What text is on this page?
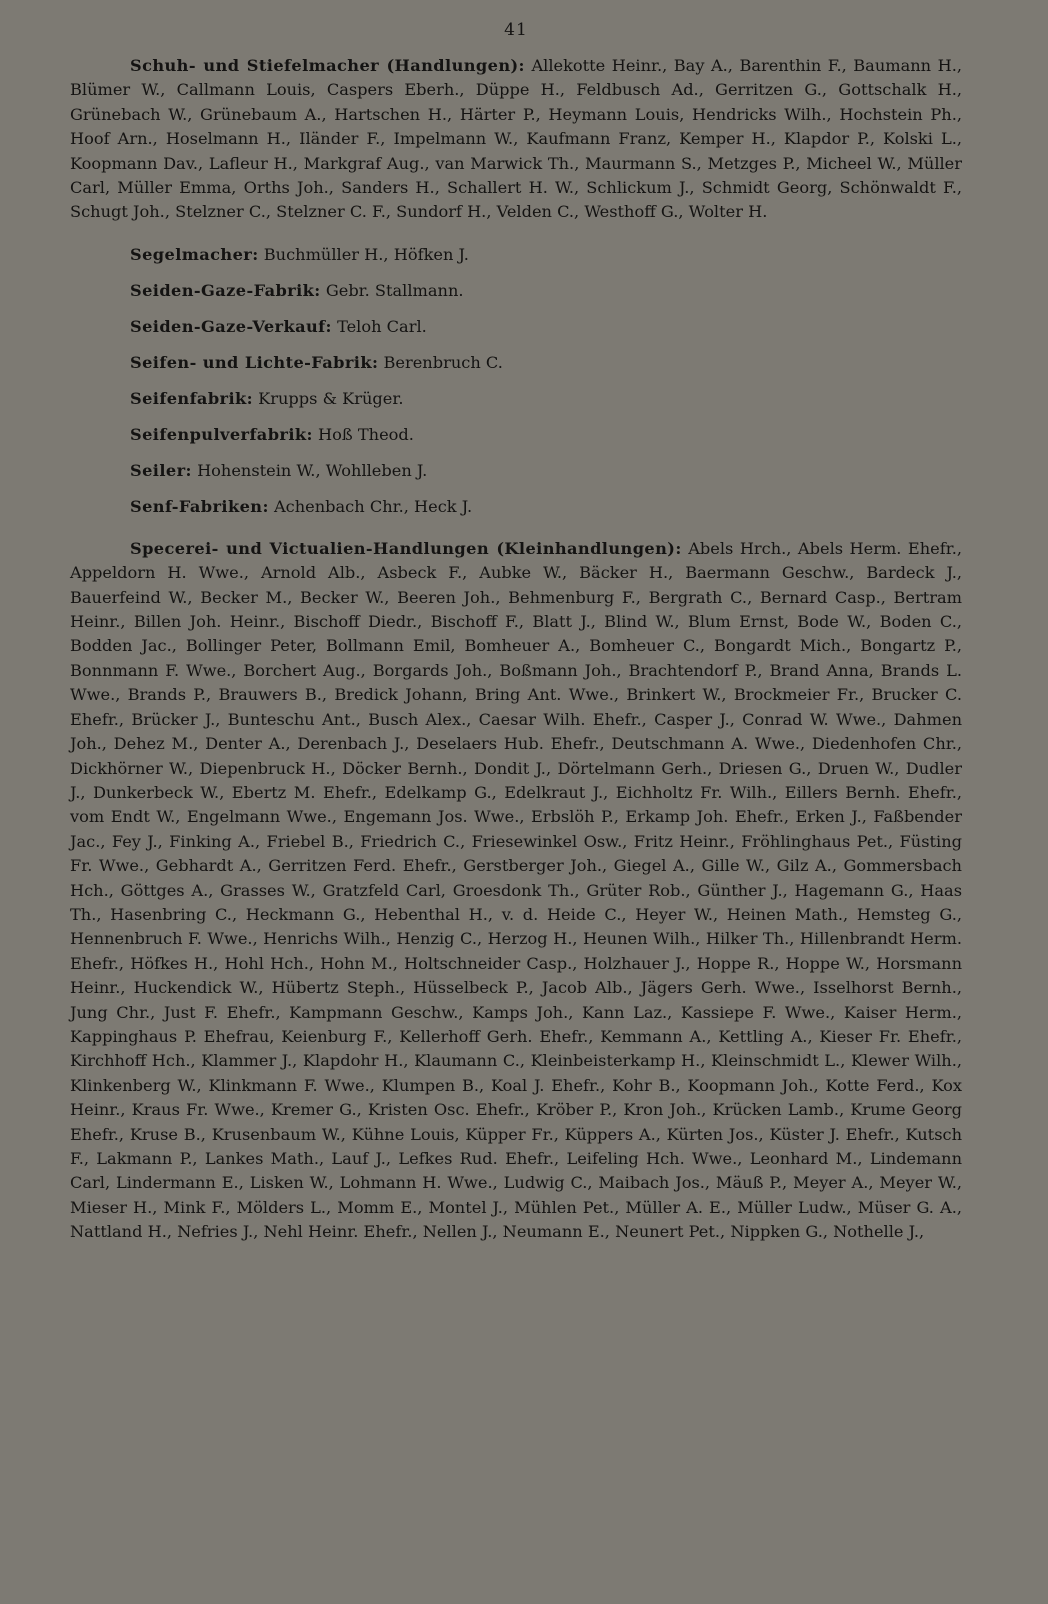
41

Schuh- und Stiefelmacher (Handlungen): Allekotte Heinr., Bay A., Barenthin F., Baumann H., Blümer W., Callmann Louis, Caspers Eberh., Düppe H., Feldbusch Ad., Gerritzen G., Gottschalk H., Grünebach W., Grünebaum A., Hartschen H., Härter P., Heymann Louis, Hendricks Wilh., Hochstein Ph., Hoof Arn., Hoselmann H., Iländer F., Impelmann W., Kaufmann Franz, Kemper H., Klapdor P., Kolski L., Koopmann Dav., Lafleur H., Markgraf Aug., van Marwick Th., Maurmann S., Metzges P., Micheel W., Müller Carl, Müller Emma, Orths Joh., Sanders H., Schallert H. W., Schlickum J., Schmidt Georg, Schönwaldt F., Schugt Joh., Stelzner C., Stelzner C. F., Sundorf H., Velden C., Westhoff G., Wolter H.

Segelmacher: Buchmüller H., Höfken J.
Seiden-Gaze-Fabrik: Gebr. Stallmann.
Seiden-Gaze-Verkauf: Teloh Carl.
Seifen- und Lichte-Fabrik: Berenbruch C.
Seifenfabrik: Krupps & Krüger.
Seifenpulverfabrik: Hoß Theod.
Seiler: Hohenstein W., Wohlleben J.
Senf-Fabriken: Achenbach Chr., Heck J.

Specerei- und Victualien-Handlungen (Kleinhandlungen): Abels Hrch., Abels Herm. Ehefr., Appeldorn H. Wwe., Arnold Alb., Asbeck F., Aubke W., Bäcker H., Baermann Geschw., Bardeck J., Bauerfeind W., Becker M., Becker W., Beeren Joh., Behmenburg F., Bergrath C., Bernard Casp., Bertram Heinr., Billen Joh. Heinr., Bischoff Diedr., Bischoff F., Blatt J., Blind W., Blum Ernst, Bode W., Boden C., Bodden Jac., Bollinger Peter, Bollmann Emil, Bomheuer A., Bomheuer C., Bongardt Mich., Bongartz P., Bonnmann F. Wwe., Borchert Aug., Borgards Joh., Boßmann Joh., Brachtendorf P., Brand Anna, Brands L. Wwe., Brands P., Brauwers B., Bredick Johann, Bring Ant. Wwe., Brinkert W., Brockmeier Fr., Brucker C. Ehefr., Brücker J., Bunteschu Ant., Busch Alex., Caesar Wilh. Ehefr., Casper J., Conrad W. Wwe., Dahmen Joh., Dehez M., Denter A., Derenbach J., Deselaers Hub. Ehefr., Deutschmann A. Wwe., Diedenhofen Chr., Dickhörner W., Diepenbruck H., Döcker Bernh., Dondit J., Dörtelmann Gerh., Driesen G., Druen W., Dudler J., Dunkerbeck W., Ebertz M. Ehefr., Edelkamp G., Edelkraut J., Eichholtz Fr. Wilh., Eillers Bernh. Ehefr., vom Endt W., Engelmann Wwe., Engemann Jos. Wwe., Erbslöh P., Erkamp Joh. Ehefr., Erken J., Faßbender Jac., Fey J., Finking A., Friebel B., Friedrich C., Friesewinkel Osw., Fritz Heinr., Fröhlinghaus Pet., Füsting Fr. Wwe., Gebhardt A., Gerritzen Ferd. Ehefr., Gerstberger Joh., Giegel A., Gille W., Gilz A., Gommersbach Hch., Göttges A., Grasses W., Gratzfeld Carl, Groesdonk Th., Grüter Rob., Günther J., Hagemann G., Haas Th., Hasenbring C., Heckmann G., Hebenthal H., v. d. Heide C., Heyer W., Heinen Math., Hemsteg G., Hennenbruch F. Wwe., Henrichs Wilh., Henzig C., Herzog H., Heunen Wilh., Hilker Th., Hillenbrandt Herm. Ehefr., Höfkes H., Hohl Hch., Hohn M., Holtschneider Casp., Holzhauer J., Hoppe R., Hoppe W., Horsmann Heinr., Huckendick W., Hübertz Steph., Hüsselbeck P., Jacob Alb., Jägers Gerh. Wwe., Isselhorst Bernh., Jung Chr., Just F. Ehefr., Kampmann Geschw., Kamps Joh., Kann Laz., Kassiepe F. Wwe., Kaiser Herm., Kappinghaus P. Ehefrau, Keienburg F., Kellerhoff Gerh. Ehefr., Kemmann A., Kettling A., Kieser Fr. Ehefr., Kirchhoff Hch., Klammer J., Klapdohr H., Klaumann C., Kleinbeisterkamp H., Kleinschmidt L., Klewer Wilh., Klinkenberg W., Klinkmann F. Wwe., Klumpen B., Koal J. Ehefr., Kohr B., Koopmann Joh., Kotte Ferd., Kox Heinr., Kraus Fr. Wwe., Kremer G., Kristen Osc. Ehefr., Kröber P., Kron Joh., Krücken Lamb., Krume Georg Ehefr., Kruse B., Krusenbaum W., Kühne Louis, Küpper Fr., Küppers A., Kürten Jos., Küster J. Ehefr., Kutsch F., Lakmann P., Lankes Math., Lauf J., Lefkes Rud. Ehefr., Leifeling Hch. Wwe., Leonhard M., Lindemann Carl, Lindermann E., Lisken W., Lohmann H. Wwe., Ludwig C., Maibach Jos., Mäuß P., Meyer A., Meyer W., Mieser H., Mink F., Mölders L., Momm E., Montel J., Mühlen Pet., Müller A. E., Müller Ludw., Müser G. A., Nattland H., Nefries J., Nehl Heinr. Ehefr., Nellen J., Neumann E., Neunert Pet., Nippken G., Nothelle J.,
